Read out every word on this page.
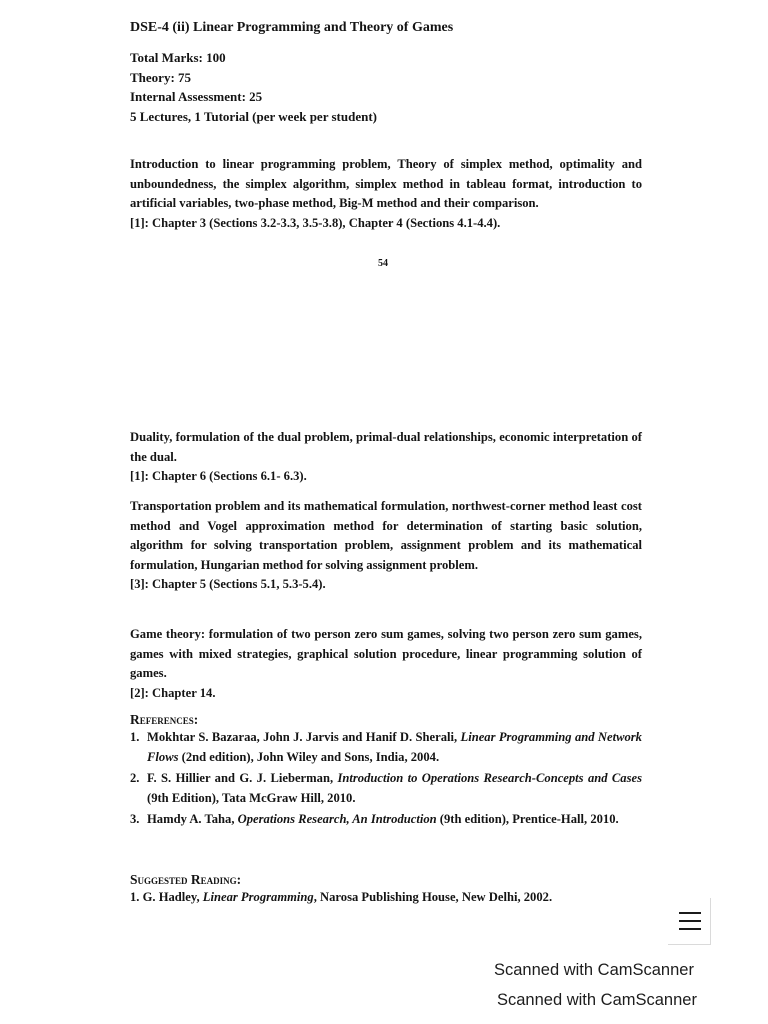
DSE-4 (ii) Linear Programming and Theory of Games
Total Marks: 100
Theory: 75
Internal Assessment: 25
5 Lectures, 1 Tutorial (per week per student)
Introduction to linear programming problem, Theory of simplex method, optimality and unboundedness, the simplex algorithm, simplex method in tableau format, introduction to artificial variables, two-phase method, Big-M method and their comparison.
[1]: Chapter 3 (Sections 3.2-3.3, 3.5-3.8), Chapter 4 (Sections 4.1-4.4).
54
Duality, formulation of the dual problem, primal-dual relationships, economic interpretation of the dual.
[1]: Chapter 6 (Sections 6.1- 6.3).
Transportation problem and its mathematical formulation, northwest-corner method least cost method and Vogel approximation method for determination of starting basic solution, algorithm for solving transportation problem, assignment problem and its mathematical formulation, Hungarian method for solving assignment problem.
[3]: Chapter 5 (Sections 5.1, 5.3-5.4).
Game theory: formulation of two person zero sum games, solving two person zero sum games, games with mixed strategies, graphical solution procedure, linear programming solution of games.
[2]: Chapter 14.
References:
1. Mokhtar S. Bazaraa, John J. Jarvis and Hanif D. Sherali, Linear Programming and Network Flows (2nd edition), John Wiley and Sons, India, 2004.
2. F. S. Hillier and G. J. Lieberman, Introduction to Operations Research-Concepts and Cases (9th Edition), Tata McGraw Hill, 2010.
3. Hamdy A. Taha, Operations Research, An Introduction (9th edition), Prentice-Hall, 2010.
Suggested Reading:
1. G. Hadley, Linear Programming, Narosa Publishing House, New Delhi, 2002.
Scanned with CamScanner
Scanned with CamScanner
